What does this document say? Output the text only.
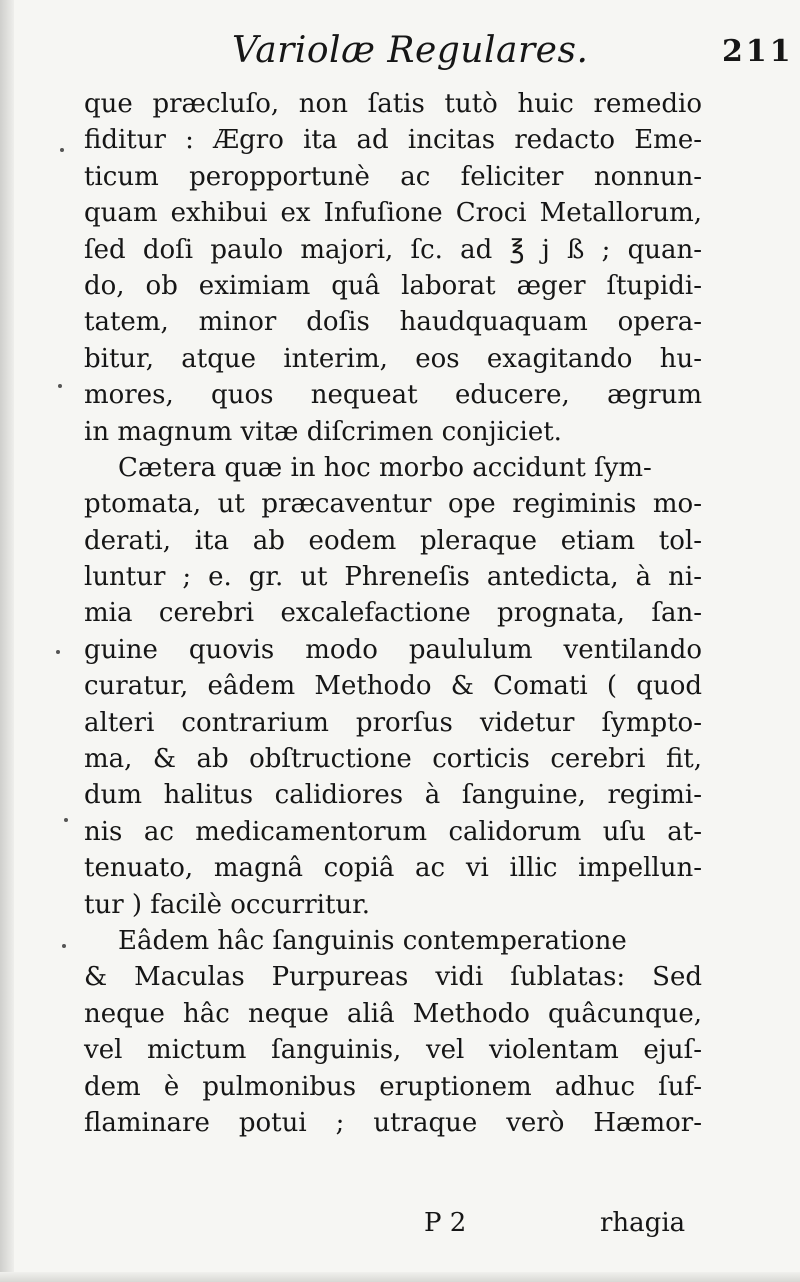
Variolæ Regulares.	211
que præcluſo, non ſatis tutò huic remedio
fiditur : Ægro ita ad incitas redacto Eme-
ticum peropportunè ac feliciter nonnun-
quam exhibui ex Infuſione Croci Metallorum,
ſed doſi paulo majori, ſc. ad ℥ j ß ; quan-
do, ob eximiam quâ laborat æger ſtupidi-
tatem, minor doſis haudquaquam opera-
bitur, atque interim, eos exagitando hu-
mores, quos nequeat educere, ægrum
in magnum vitæ diſcrimen conjiciet.
Cætera quæ in hoc morbo accidunt ſym-
ptomata, ut præcaventur ope regiminis mo-
derati, ita ab eodem pleraque etiam tol-
luntur ; e. gr. ut Phreneſis antedicta, à ni-
mia cerebri excalefactione prognata, ſan-
guine quovis modo paululum ventilando
curatur, eâdem Methodo & Comati ( quod
alteri contrarium prorſus videtur ſympto-
ma, & ab obſtructione corticis cerebri fit,
dum halitus calidiores à ſanguine, regimi-
nis ac medicamentorum calidorum uſu at-
tenuato, magnâ copiâ ac vi illic impellun-
tur ) facilè occurritur.
Eâdem hâc ſanguinis contemperatione
& Maculas Purpureas vidi ſublatas: Sed
neque hâc neque aliâ Methodo quâcunque,
vel mictum ſanguinis, vel violentam ejuſ-
dem è pulmonibus eruptionem adhuc ſuf-
flaminare potui ; utraque verò Hæmor-
P 2	rhagia
